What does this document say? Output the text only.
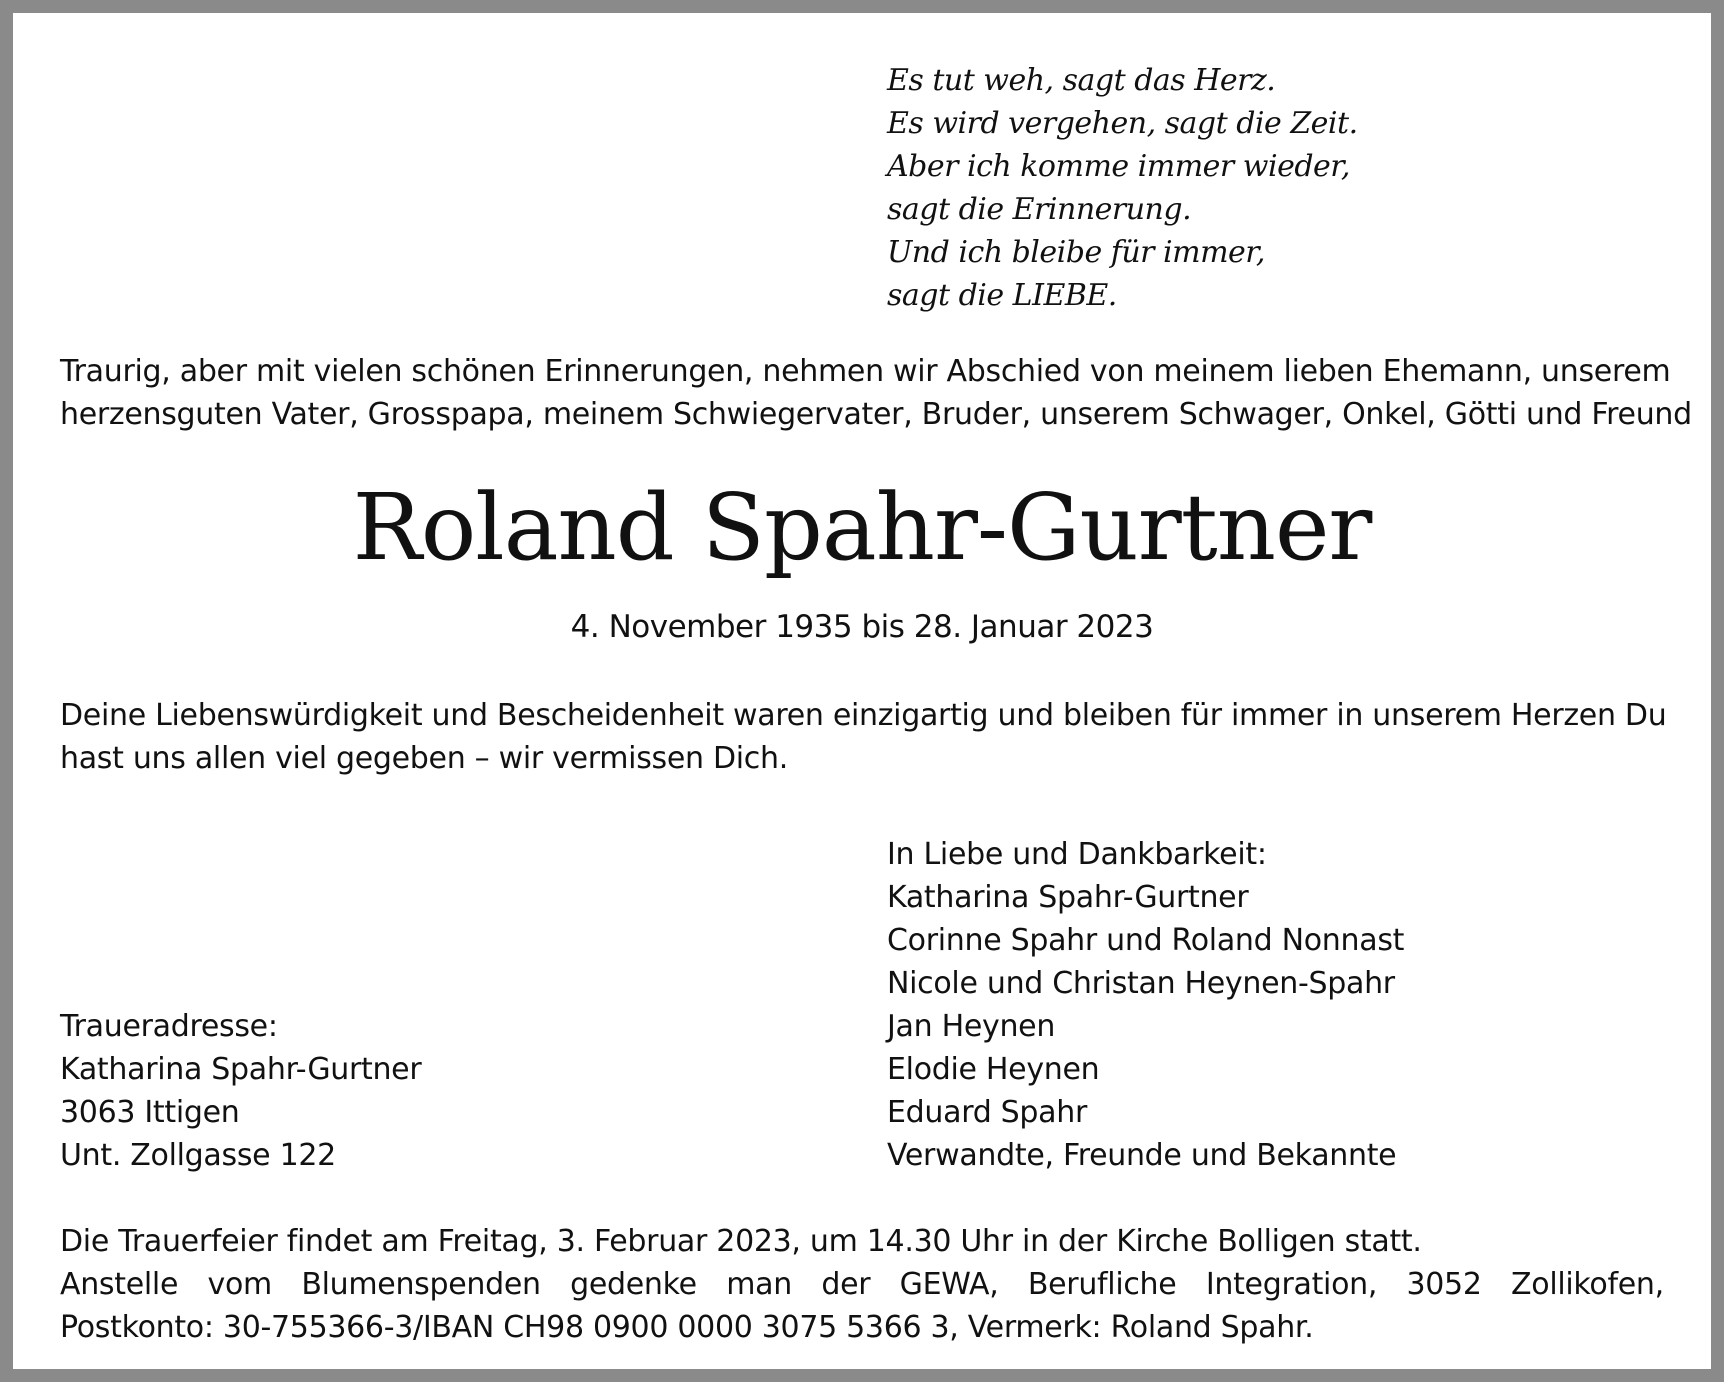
Es tut weh, sagt das Herz.
Es wird vergehen, sagt die Zeit.
Aber ich komme immer wieder,
sagt die Erinnerung.
Und ich bleibe für immer,
sagt die LIEBE.
Traurig, aber mit vielen schönen Erinnerungen, nehmen wir Abschied von meinem lieben Ehemann, unserem
herzensguten Vater, Grosspapa, meinem Schwiegervater, Bruder, unserem Schwager, Onkel, Götti und Freund
Roland Spahr-Gurtner
4. November 1935 bis 28. Januar 2023
Deine Liebenswürdigkeit und Bescheidenheit waren einzigartig und bleiben für immer in unserem Herzen Du
hast uns allen viel gegeben – wir vermissen Dich.
In Liebe und Dankbarkeit:
Katharina Spahr-Gurtner
Corinne Spahr und Roland Nonnast
Nicole und Christan Heynen-Spahr
Jan Heynen
Elodie Heynen
Eduard Spahr
Verwandte, Freunde und Bekannte
Traueradresse:
Katharina Spahr-Gurtner
3063 Ittigen
Unt. Zollgasse 122
Die Trauerfeier findet am Freitag, 3. Februar 2023, um 14.30 Uhr in der Kirche Bolligen statt.
Anstelle vom Blumenspenden gedenke man der GEWA, Berufliche Integration, 3052 Zollikofen,
Postkonto: 30-755366-3/IBAN CH98 0900 0000 3075 5366 3, Vermerk: Roland Spahr.
